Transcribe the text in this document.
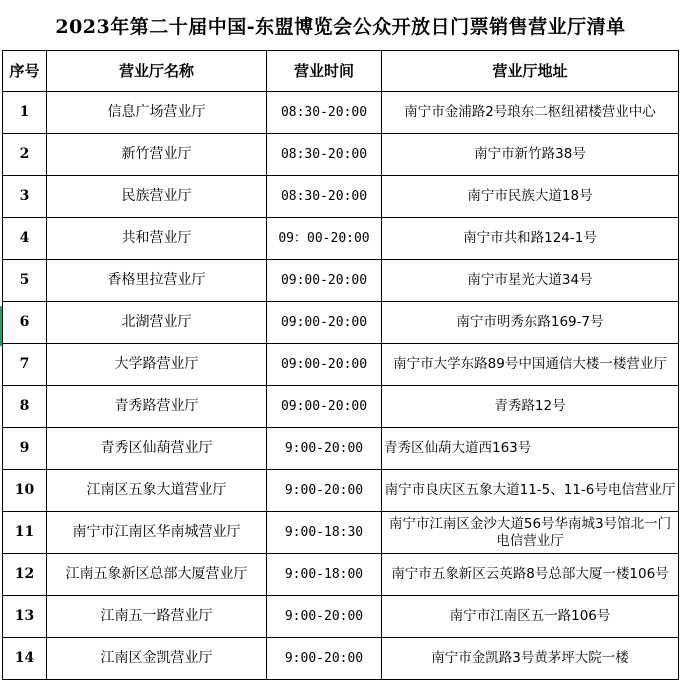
2023年第二十届中国-东盟博览会公众开放日门票销售营业厅清单
序号	营业厅名称	营业时间	营业厅地址
1	信息广场营业厅	08:30-20:00	南宁市金浦路2号琅东二枢纽裙楼营业中心
2	新竹营业厅	08:30-20:00	南宁市新竹路38号
3	民族营业厅	08:30-20:00	南宁市民族大道18号
4	共和营业厅	09：00-20:00	南宁市共和路124-1号
5	香格里拉营业厅	09:00-20:00	南宁市星光大道34号
6	北湖营业厅	09:00-20:00	南宁市明秀东路169-7号
7	大学路营业厅	09:00-20:00	南宁市大学东路89号中国通信大楼一楼营业厅
8	青秀路营业厅	09:00-20:00	青秀路12号
9	青秀区仙葫营业厅	9:00-20:00	青秀区仙葫大道西163号
10	江南区五象大道营业厅	9:00-20:00	南宁市良庆区五象大道11-5、11-6号电信营业厅
11	南宁市江南区华南城营业厅	9:00-18:30	南宁市江南区金沙大道56号华南城3号馆北一门电信营业厅
12	江南五象新区总部大厦营业厅	9:00-18:00	南宁市五象新区云英路8号总部大厦一楼106号
13	江南五一路营业厅	9:00-20:00	南宁市江南区五一路106号
14	江南区金凯营业厅	9:00-20:00	南宁市金凯路3号黄茅坪大院一楼
